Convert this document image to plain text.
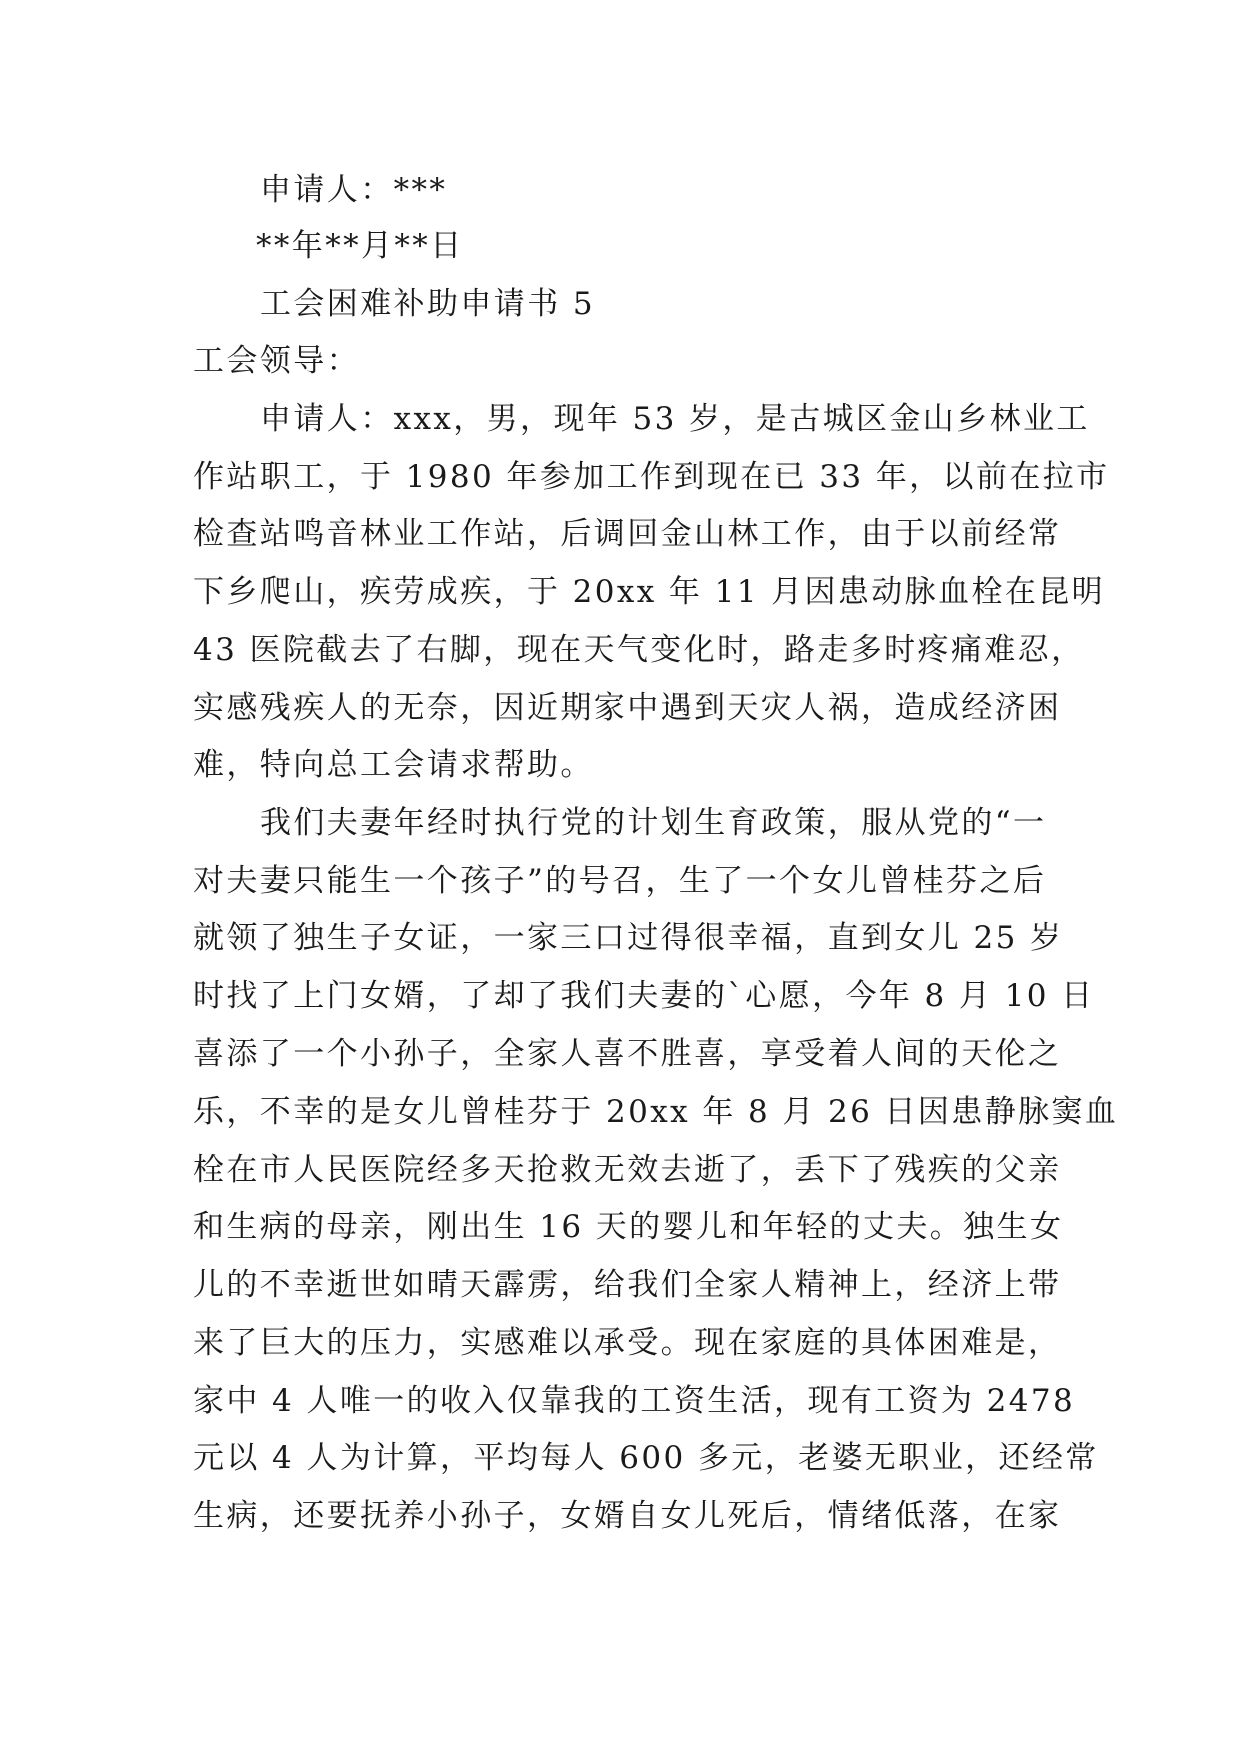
申请人：***
**年**月**日
工会困难补助申请书 5
工会领导：
申请人：xxx，男，现年 53 岁，是古城区金山乡林业工
作站职工，于 1980 年参加工作到现在已 33 年，以前在拉市
检查站鸣音林业工作站，后调回金山林工作，由于以前经常
下乡爬山，疾劳成疾，于 20xx 年 11 月因患动脉血栓在昆明
43 医院截去了右脚，现在天气变化时，路走多时疼痛难忍，
实感残疾人的无奈，因近期家中遇到天灾人祸，造成经济困
难，特向总工会请求帮助。
我们夫妻年经时执行党的计划生育政策，服从党的“一
对夫妻只能生一个孩子”的号召，生了一个女儿曾桂芬之后
就领了独生子女证，一家三口过得很幸福，直到女儿 25 岁
时找了上门女婿，了却了我们夫妻的`心愿，今年 8 月 10 日
喜添了一个小孙子，全家人喜不胜喜，享受着人间的天伦之
乐，不幸的是女儿曾桂芬于 20xx 年 8 月 26 日因患静脉窦血
栓在市人民医院经多天抢救无效去逝了，丢下了残疾的父亲
和生病的母亲，刚出生 16 天的婴儿和年轻的丈夫。独生女
儿的不幸逝世如晴天霹雳，给我们全家人精神上，经济上带
来了巨大的压力，实感难以承受。现在家庭的具体困难是，
家中 4 人唯一的收入仅靠我的工资生活，现有工资为 2478
元以 4 人为计算，平均每人 600 多元，老婆无职业，还经常
生病，还要抚养小孙子，女婿自女儿死后，情绪低落，在家
